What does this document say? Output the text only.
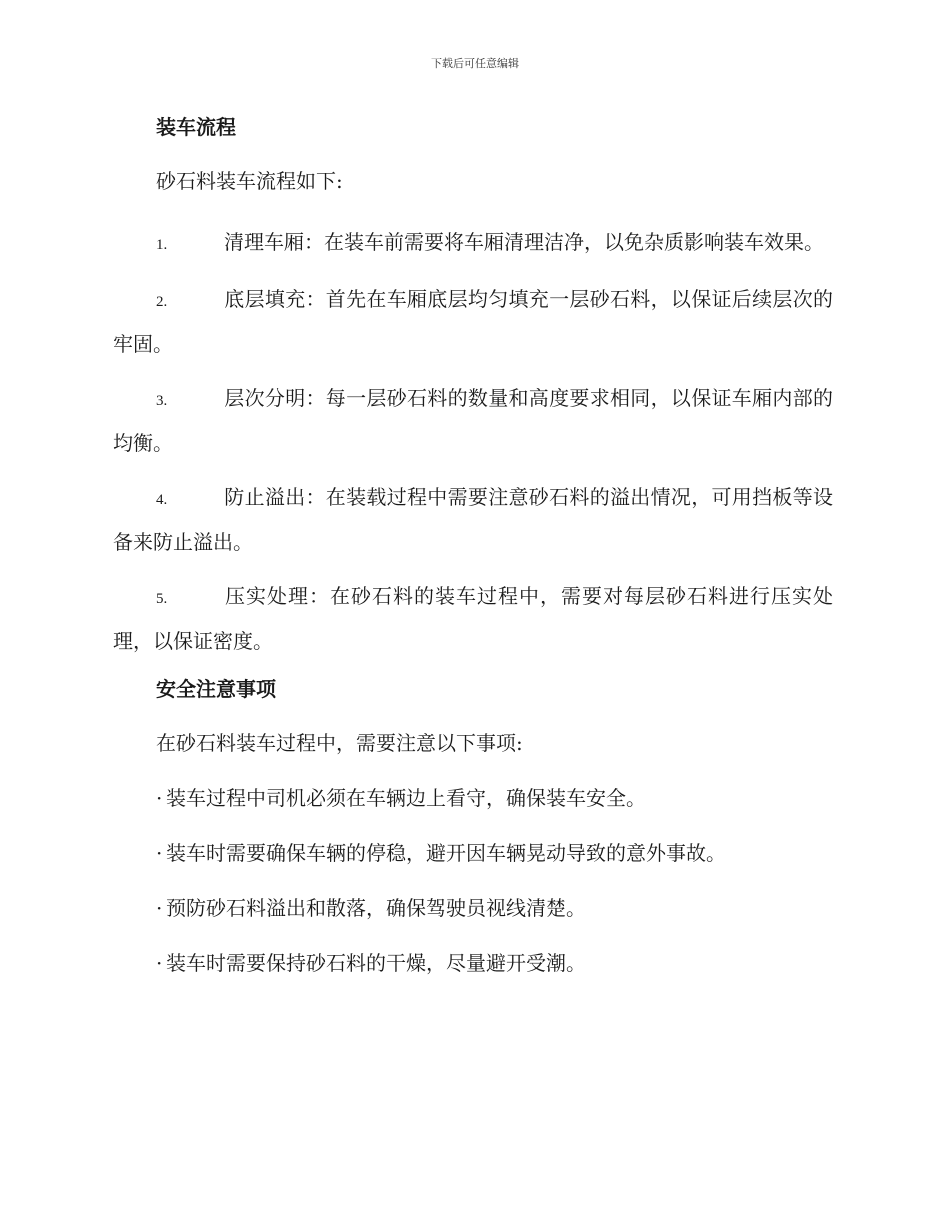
下载后可任意编辑
装车流程
砂石料装车流程如下:
1.	清理车厢：在装车前需要将车厢清理洁净，以免杂质影响装车效果。
2.	底层填充：首先在车厢底层均匀填充一层砂石料，以保证后续层次的牢固。
3.	层次分明：每一层砂石料的数量和高度要求相同，以保证车厢内部的均衡。
4.	防止溢出：在装载过程中需要注意砂石料的溢出情况，可用挡板等设备来防止溢出。
5.	压实处理：在砂石料的装车过程中，需要对每层砂石料进行压实处理，以保证密度。
安全注意事项
在砂石料装车过程中，需要注意以下事项:
· 装车过程中司机必须在车辆边上看守，确保装车安全。
· 装车时需要确保车辆的停稳，避开因车辆晃动导致的意外事故。
· 预防砂石料溢出和散落，确保驾驶员视线清楚。
· 装车时需要保持砂石料的干燥，尽量避开受潮。
